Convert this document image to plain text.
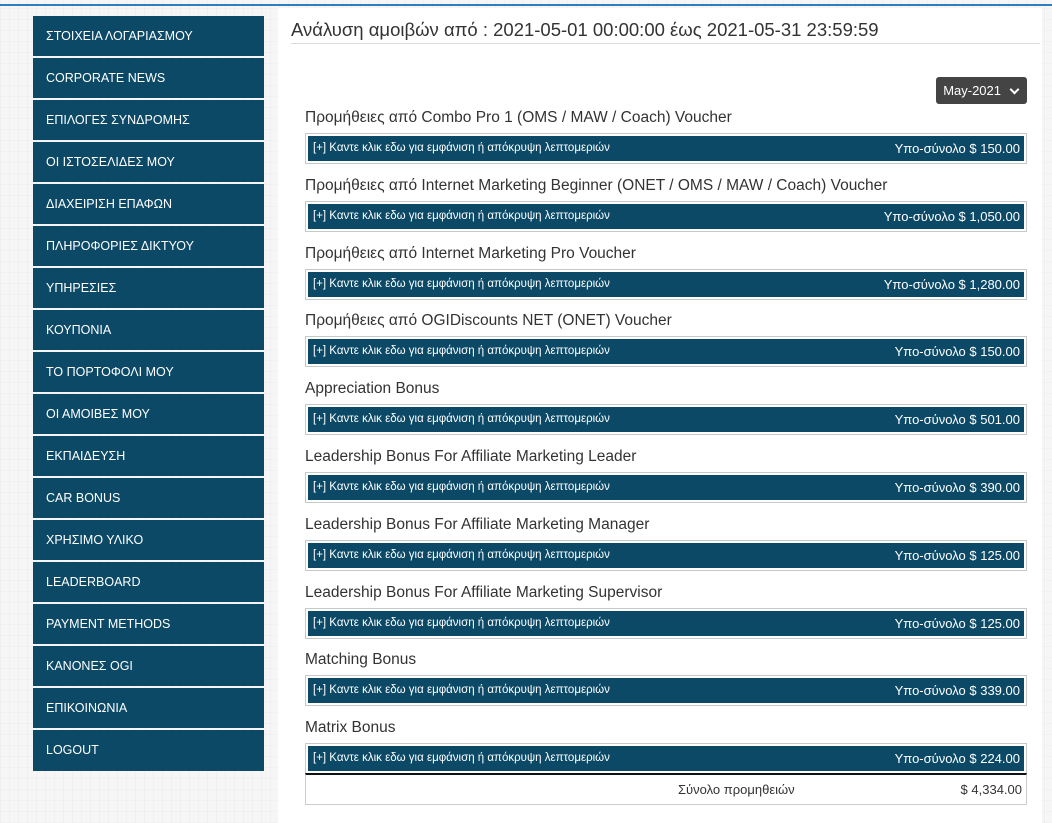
ΣΤΟΙΧΕΙΑ ΛΟΓΑΡΙΑΣΜΟΥ
CORPORATE NEWS
ΕΠΙΛΟΓΕΣ ΣΥΝΔΡΟΜΗΣ
ΟΙ ΙΣΤΟΣΕΛΙΔΕΣ ΜΟΥ
ΔΙΑΧΕΙΡΙΣΗ ΕΠΑΦΩΝ
ΠΛΗΡΟΦΟΡΙΕΣ ΔΙΚΤΥΟΥ
ΥΠΗΡΕΣΙΕΣ
ΚΟΥΠΟΝΙΑ
ΤΟ ΠΟΡΤΟΦΟΛΙ ΜΟΥ
ΟΙ ΑΜΟΙΒΕΣ ΜΟΥ
ΕΚΠΑΙΔΕΥΣΗ
CAR BONUS
ΧΡΗΣΙΜΟ ΥΛΙΚΟ
LEADERBOARD
PAYMENT METHODS
ΚΑΝΟΝΕΣ OGI
ΕΠΙΚΟΙΝΩΝΙΑ
LOGOUT
Ανάλυση αμοιβών από : 2021-05-01 00:00:00 έως 2021-05-31 23:59:59
May-2021
Προμήθειες από Combo Pro 1 (OMS / MAW / Coach) Voucher
[+] Καντε κλικ εδω για εμφάνιση ή απόκρυψη λεπτομεριών	Υπο-σύνολο $ 150.00
Προμήθειες από Internet Marketing Beginner (ONET / OMS / MAW / Coach) Voucher
[+] Καντε κλικ εδω για εμφάνιση ή απόκρυψη λεπτομεριών	Υπο-σύνολο $ 1,050.00
Προμήθειες από Internet Marketing Pro Voucher
[+] Καντε κλικ εδω για εμφάνιση ή απόκρυψη λεπτομεριών	Υπο-σύνολο $ 1,280.00
Προμήθειες από OGIDiscounts NET (ONET) Voucher
[+] Καντε κλικ εδω για εμφάνιση ή απόκρυψη λεπτομεριών	Υπο-σύνολο $ 150.00
Appreciation Bonus
[+] Καντε κλικ εδω για εμφάνιση ή απόκρυψη λεπτομεριών	Υπο-σύνολο $ 501.00
Leadership Bonus For Affiliate Marketing Leader
[+] Καντε κλικ εδω για εμφάνιση ή απόκρυψη λεπτομεριών	Υπο-σύνολο $ 390.00
Leadership Bonus For Affiliate Marketing Manager
[+] Καντε κλικ εδω για εμφάνιση ή απόκρυψη λεπτομεριών	Υπο-σύνολο $ 125.00
Leadership Bonus For Affiliate Marketing Supervisor
[+] Καντε κλικ εδω για εμφάνιση ή απόκρυψη λεπτομεριών	Υπο-σύνολο $ 125.00
Matching Bonus
[+] Καντε κλικ εδω για εμφάνιση ή απόκρυψη λεπτομεριών	Υπο-σύνολο $ 339.00
Matrix Bonus
[+] Καντε κλικ εδω για εμφάνιση ή απόκρυψη λεπτομεριών	Υπο-σύνολο $ 224.00
Σύνολο προμηθειών	$ 4,334.00
